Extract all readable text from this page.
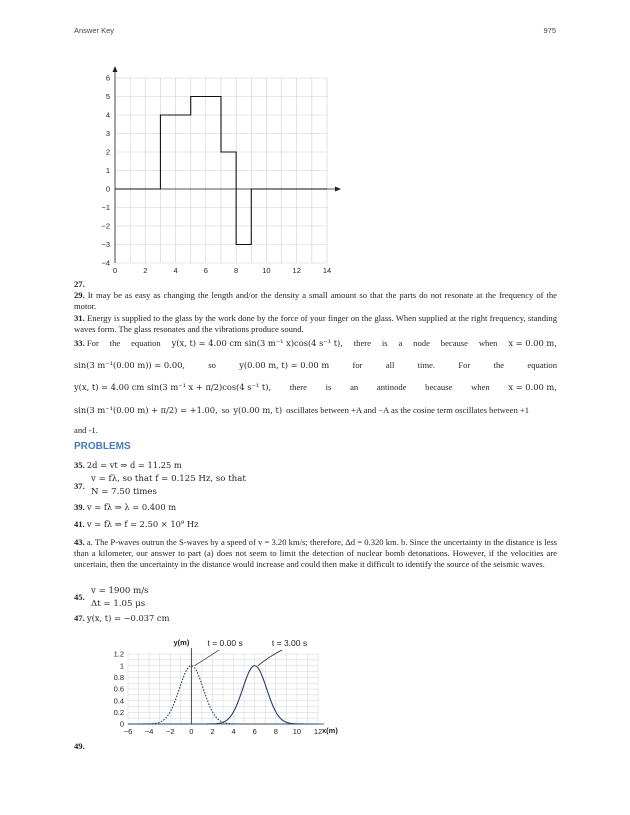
Answer Key	975
0	2	4	6	8	10	12	14
6
5
4
3
2
1
0
−1
−2
−3
−4
27.
29. It may be as easy as changing the length and/or the density a small amount so that the parts do not resonate at the frequency of the motor.
31. Energy is supplied to the glass by the work done by the force of your finger on the glass. When supplied at the right frequency, standing waves form. The glass resonates and the vibrations produce sound.
33. For the equation y(x, t) = 4.00 cm sin(3 m⁻¹ x)cos(4 s⁻¹ t), there is a node because when x = 0.00 m,
sin(3 m⁻¹(0.00 m)) = 0.00,	so	y(0.00 m, t) = 0.00 m	for	all	time.	For	the	equation
y(x, t) = 4.00 cm sin(3 m⁻¹ x + π/2)cos(4 s⁻¹ t), there is an antinode because when x = 0.00 m,
sin(3 m⁻¹(0.00 m) + π/2) = +1.00, so y(0.00 m, t) oscillates between +A and −A as the cosine term oscillates between +1
and -1.
PROBLEMS
35. 2d = vt ⇒ d = 11.25 m
37.
v = fλ, so that f = 0.125 Hz, so that
N = 7.50 times
39. v = fλ ⇒ λ = 0.400 m
41. v = fλ ⇒ f = 2.50 × 10⁹ Hz
43. a. The P-waves outrun the S-waves by a speed of v = 3.20 km/s; therefore, Δd = 0.320 km. b. Since the uncertainty in the distance is less than a kilometer, our answer to part (a) does not seem to limit the detection of nuclear bomb detonations. However, if the velocities are uncertain, then the uncertainty in the distance would increase and could then make it difficult to identify the source of the seismic waves.
45.
v = 1900 m/s
Δt = 1.05 μs
47. y(x, t) = −0.037 cm
y(m)
x(m)
−6 −4 −2 0 2 4 6 8 10 12
1.2
1
0.8
0.6
0.4
0.2
0
t = 0.00 s	t = 3.00 s
49.
